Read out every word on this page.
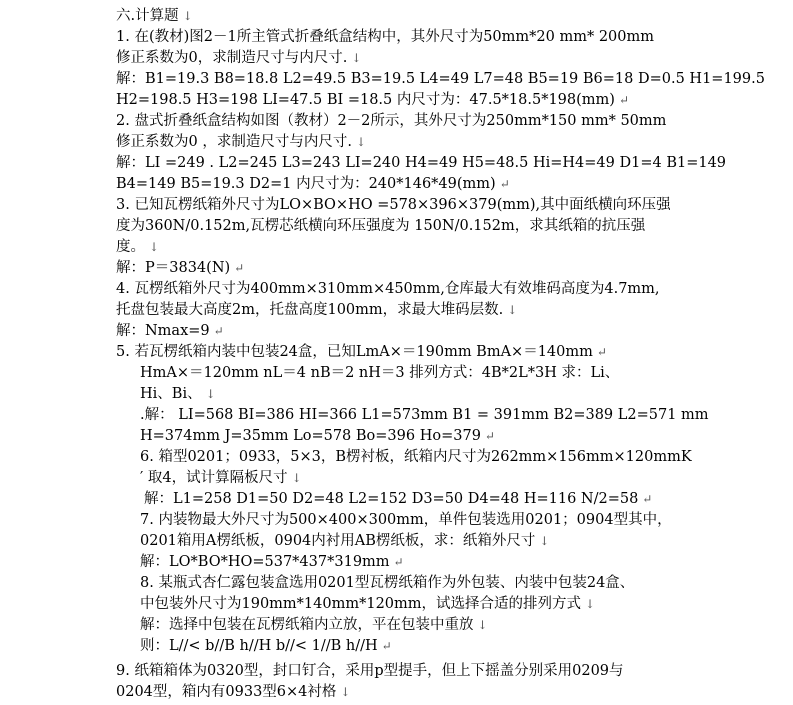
六.计算题 ↓
1. 在(教材)图2－1所主管式折叠纸盒结构中，其外尺寸为50mm*20 mm* 200mm
修正系数为0，求制造尺寸与内尺寸. ↓
解：B1=19.3 B8=18.8 L2=49.5 B3=19.5 L4=49 L7=48 B5=19 B6=18 D=0.5 H1=199.5
H2=198.5 H3=198 LI=47.5 BI =18.5 内尺寸为：47.5*18.5*198(mm) ↵
2. 盘式折叠纸盒结构如图（教材）2－2所示，其外尺寸为250mm*150 mm* 50mm
修正系数为0 ，求制造尺寸与内尺寸. ↓
解：LI =249 . L2=245 L3=243 LI=240 H4=49 H5=48.5 Hi=H4=49 D1=4 B1=149
B4=149 B5=19.3 D2=1 内尺寸为：240*146*49(mm) ↵
3. 已知瓦楞纸箱外尺寸为LO×BO×HO =578×396×379(mm),其中面纸横向环压强
度为360N/0.152m,瓦楞芯纸横向环压强度为 150N/0.152m，求其纸箱的抗压强
度。 ↓
解：P＝3834(N) ↵
4. 瓦楞纸箱外尺寸为400mm×310mm×450mm,仓库最大有效堆码高度为4.7mm,
托盘包装最大高度2m，托盘高度100mm，求最大堆码层数. ↓
解：Nmax=9 ↵
5. 若瓦楞纸箱内装中包装24盒，已知LmA×＝190mm BmA×＝140mm ↵
HmA×＝120mm nL＝4 nB＝2 nH＝3 排列方式：4B*2L*3H 求：Li、
Hi、Bi、 ↓
.解： LI=568 BI=386 HI=366 L1=573mm B1 = 391mm B2=389 L2=571 mm
H=374mm J=35mm Lo=578 Bo=396 Ho=379 ↵
6. 箱型0201；0933，5×3，B楞衬板，纸箱内尺寸为262mm×156mm×120mmK
′ 取4，试计算隔板尺寸 ↓
解：L1=258 D1=50 D2=48 L2=152 D3=50 D4=48 H=116 N/2=58 ↵
7. 内装物最大外尺寸为500×400×300mm，单件包装选用0201；0904型其中，
0201箱用A楞纸板，0904内衬用AB楞纸板，求：纸箱外尺寸 ↓
解：LO*BO*HO=537*437*319mm ↵
8. 某瓶式杏仁露包装盒选用0201型瓦楞纸箱作为外包装、内装中包装24盒、
中包装外尺寸为190mm*140mm*120mm，试选择合适的排列方式 ↓
解：选择中包装在瓦楞纸箱内立放，平在包装中重放 ↓
则：L//< b//B h//H b//< 1//B h//H ↵
9. 纸箱箱体为0320型，封口钉合，采用p型提手，但上下摇盖分别采用0209与
0204型，箱内有0933型6×4衬格 ↓
